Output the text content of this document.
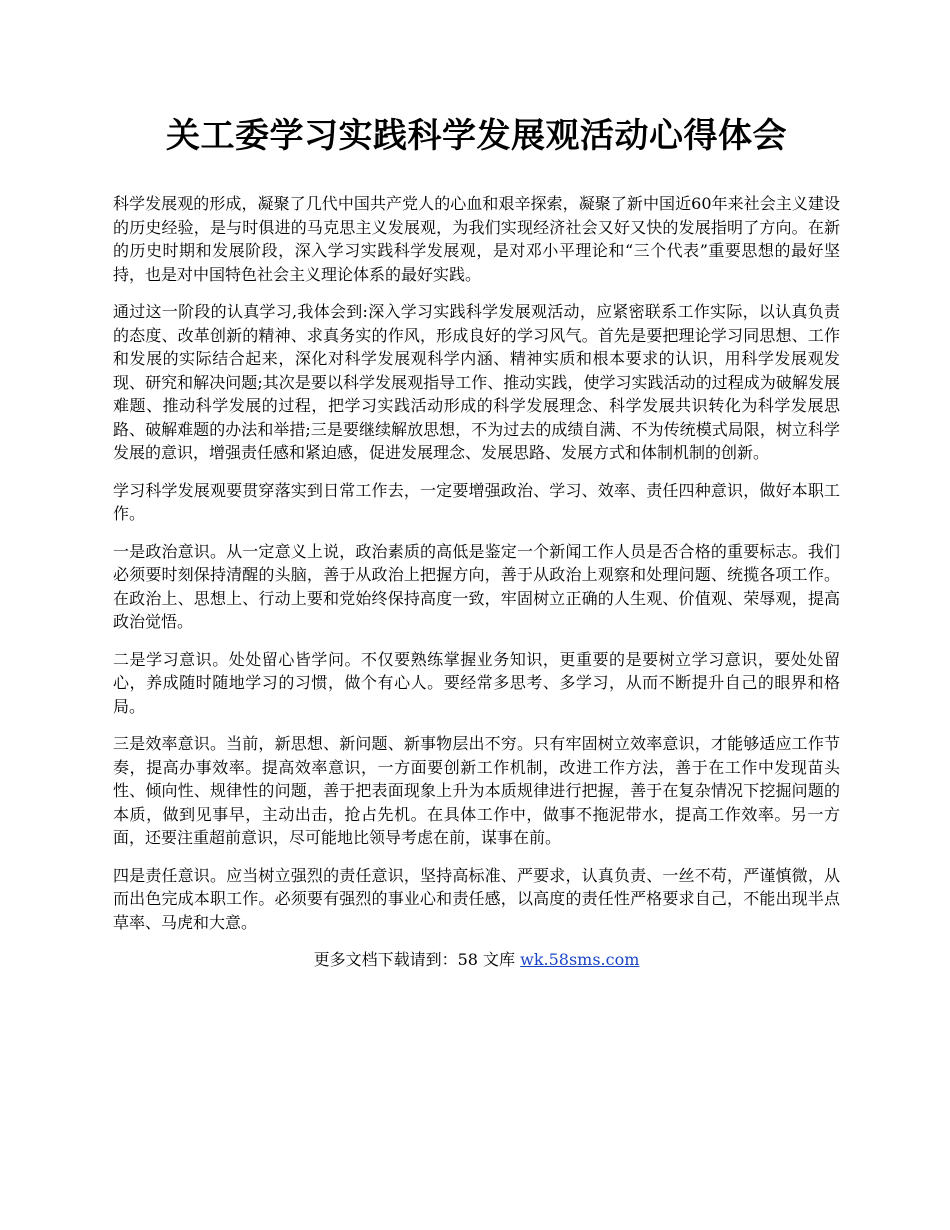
关工委学习实践科学发展观活动心得体会

科学发展观的形成，凝聚了几代中国共产党人的心血和艰辛探索，凝聚了新中国近60年来社会主义建设的历史经验，是与时俱进的马克思主义发展观，为我们实现经济社会又好又快的发展指明了方向。在新的历史时期和发展阶段，深入学习实践科学发展观，是对邓小平理论和“三个代表”重要思想的最好坚持，也是对中国特色社会主义理论体系的最好实践。

通过这一阶段的认真学习,我体会到:深入学习实践科学发展观活动，应紧密联系工作实际，以认真负责的态度、改革创新的精神、求真务实的作风，形成良好的学习风气。首先是要把理论学习同思想、工作和发展的实际结合起来，深化对科学发展观科学内涵、精神实质和根本要求的认识，用科学发展观发现、研究和解决问题;其次是要以科学发展观指导工作、推动实践，使学习实践活动的过程成为破解发展难题、推动科学发展的过程，把学习实践活动形成的科学发展理念、科学发展共识转化为科学发展思路、破解难题的办法和举措;三是要继续解放思想，不为过去的成绩自满、不为传统模式局限，树立科学发展的意识，增强责任感和紧迫感，促进发展理念、发展思路、发展方式和体制机制的创新。

学习科学发展观要贯穿落实到日常工作去，一定要增强政治、学习、效率、责任四种意识，做好本职工作。

一是政治意识。从一定意义上说，政治素质的高低是鉴定一个新闻工作人员是否合格的重要标志。我们必须要时刻保持清醒的头脑，善于从政治上把握方向，善于从政治上观察和处理问题、统揽各项工作。在政治上、思想上、行动上要和党始终保持高度一致，牢固树立正确的人生观、价值观、荣辱观，提高政治觉悟。

二是学习意识。处处留心皆学问。不仅要熟练掌握业务知识，更重要的是要树立学习意识，要处处留心，养成随时随地学习的习惯，做个有心人。要经常多思考、多学习，从而不断提升自己的眼界和格局。

三是效率意识。当前，新思想、新问题、新事物层出不穷。只有牢固树立效率意识，才能够适应工作节奏，提高办事效率。提高效率意识，一方面要创新工作机制，改进工作方法，善于在工作中发现苗头性、倾向性、规律性的问题，善于把表面现象上升为本质规律进行把握，善于在复杂情况下挖掘问题的本质，做到见事早，主动出击，抢占先机。在具体工作中，做事不拖泥带水，提高工作效率。另一方面，还要注重超前意识，尽可能地比领导考虑在前，谋事在前。

四是责任意识。应当树立强烈的责任意识，坚持高标准、严要求，认真负责、一丝不苟，严谨慎微，从而出色完成本职工作。必须要有强烈的事业心和责任感，以高度的责任性严格要求自己，不能出现半点草率、马虎和大意。

更多文档下载请到：58 文库 wk.58sms.com
